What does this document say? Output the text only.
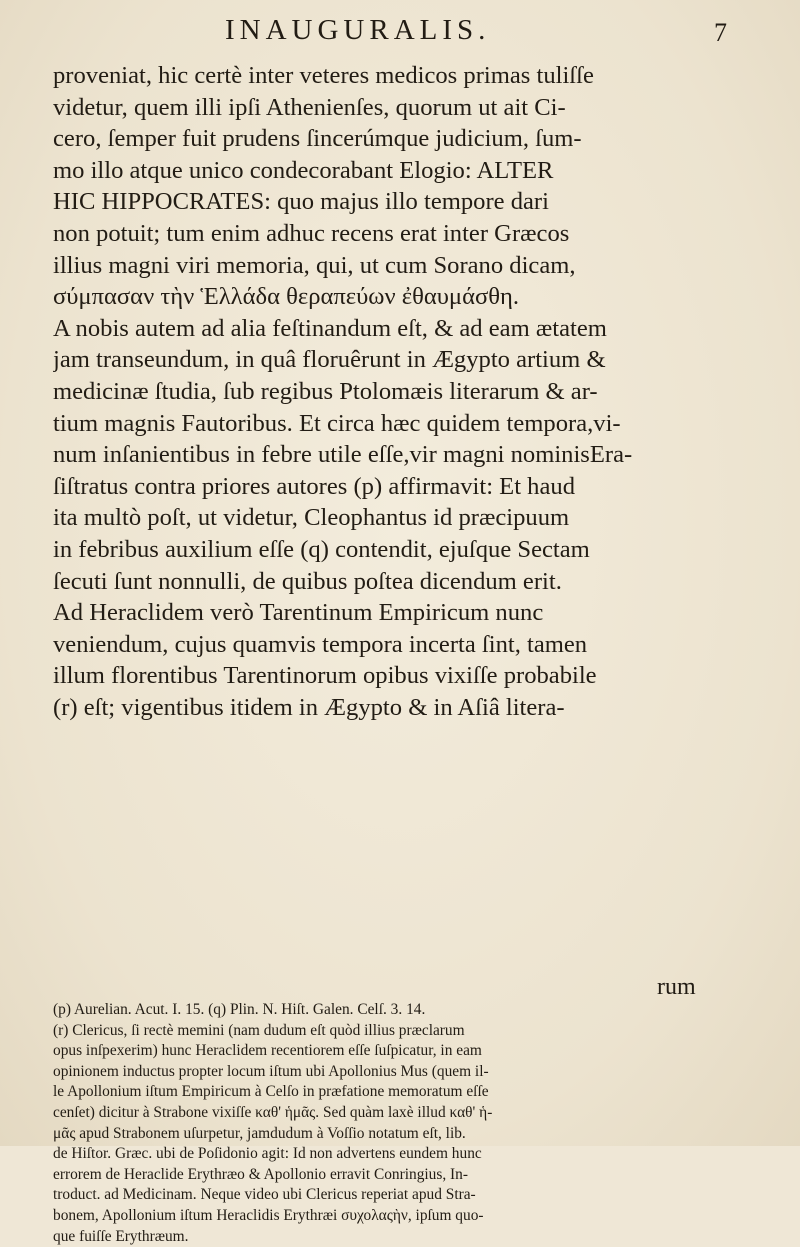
INAUGURALIS.	7
proveniat, hic certè inter veteres medicos primas tuliſſe
videtur, quem illi ipſi Athenienſes, quorum ut ait Ci-
cero, ſemper fuit prudens ſincerúmque judicium, ſum-
mo illo atque unico condecorabant Elogio: ALTER
HIC HIPPOCRATES: quo majus illo tempore dari
non potuit; tum enim adhuc recens erat inter Græcos
illius magni viri memoria, qui, ut cum Sorano dicam,
σύμπασαν τὴν Ἑλλάδα θεραπεύων ἐθαυμάσθη.
A nobis autem ad alia feſtinandum eſt, & ad eam ætatem
jam transeundum, in quâ floruêrunt in Ægypto artium &
medicinæ ſtudia, ſub regibus Ptolomæis literarum & ar-
tium magnis Fautoribus. Et circa hæc quidem tempora,vi-
num inſanientibus in febre utile eſſe,vir magni nominisEra-
ſiſtratus contra priores autores (p) affirmavit: Et haud
ita multò poſt, ut videtur, Cleophantus id præcipuum
in febribus auxilium eſſe (q) contendit, ejuſque Sectam
ſecuti ſunt nonnulli, de quibus poſtea dicendum erit.
Ad Heraclidem verò Tarentinum Empiricum nunc
veniendum, cujus quamvis tempora incerta ſint, tamen
illum florentibus Tarentinorum opibus vixiſſe probabile
(r) eſt; vigentibus itidem in Ægypto & in Aſiâ litera-
rum
(p) Aurelian. Acut. I. 15. (q) Plin. N. Hiſt. Galen. Celſ. 3. 14.
(r) Clericus, ſi rectè memini (nam dudum eſt quòd illius præclarum
opus inſpexerim) hunc Heraclidem recentiorem eſſe ſuſpicatur, in eam
opinionem inductus propter locum iſtum ubi Apollonius Mus (quem il-
le Apollonium iſtum Empiricum à Celſo in præfatione memoratum eſſe
cenſet) dicitur à Strabone vixiſſe καθ' ἡμᾶς. Sed quàm laxè illud καθ' ἡ-
μᾶς apud Strabonem uſurpetur, jamdudum à Voſſio notatum eſt, lib.
de Hiſtor. Græc. ubi de Poſidonio agit: Id non advertens eundem hunc
errorem de Heraclide Erythræo & Apollonio erravit Conringius, In-
troduct. ad Medicinam. Neque video ubi Clericus reperiat apud Stra-
bonem, Apollonium iſtum Heraclidis Erythræi συχολαςὴν, ipſum quo-
que fuiſſe Erythræum.
